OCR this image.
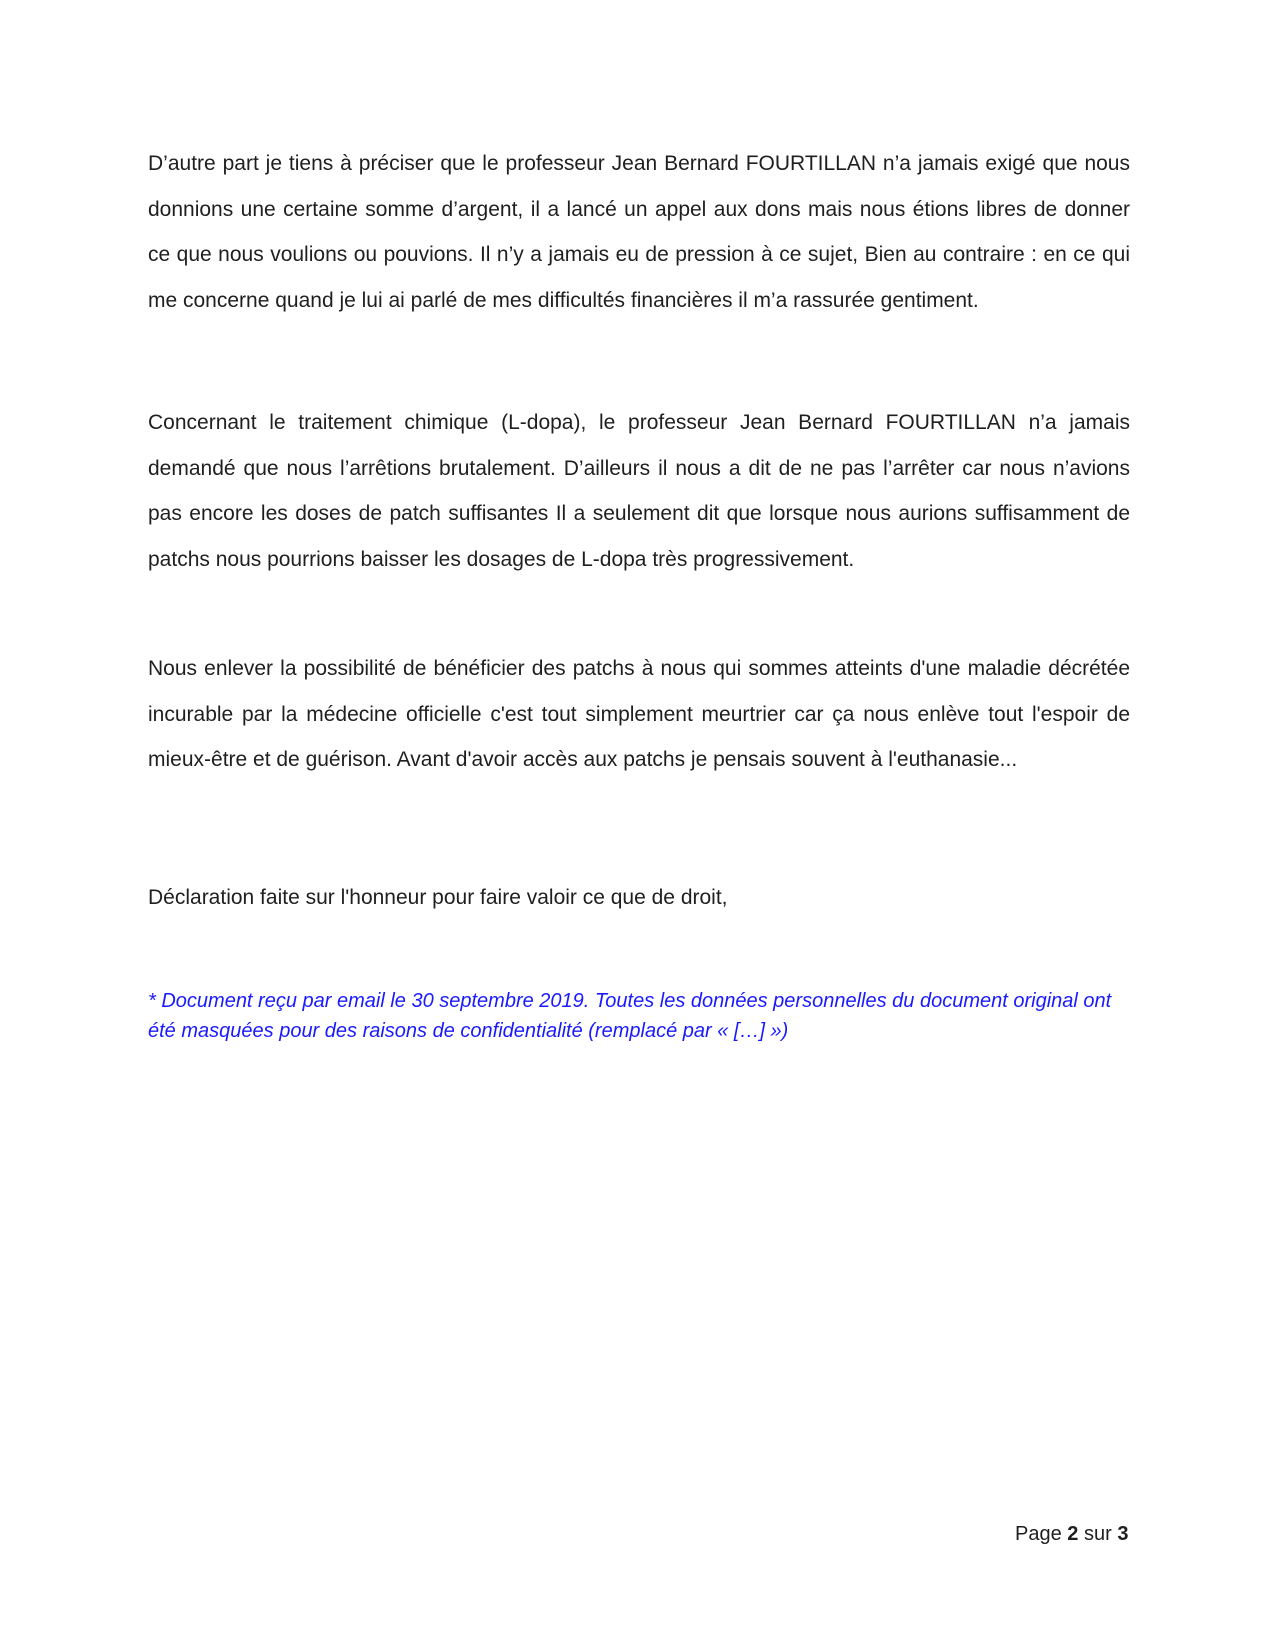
D’autre part je tiens à préciser que le professeur Jean Bernard FOURTILLAN n’a jamais exigé que nous donnions une certaine somme d’argent, il a lancé un appel aux dons mais nous étions libres de donner ce que nous voulions ou pouvions. Il n’y a jamais eu de pression à ce sujet, Bien au contraire : en ce qui me concerne quand je lui ai parlé de mes difficultés financières il m’a rassurée gentiment.

Concernant le traitement chimique (L-dopa), le professeur Jean Bernard FOURTILLAN n’a jamais demandé que nous l’arrêtions brutalement. D’ailleurs il nous a dit de ne pas l’arrêter car nous n’avions pas encore les doses de patch suffisantes Il a seulement dit que lorsque nous aurions suffisamment de patchs nous pourrions baisser les dosages de L-dopa très progressivement.

Nous enlever la possibilité de bénéficier des patchs à nous qui sommes atteints d'une maladie décrétée incurable par la médecine officielle c'est tout simplement meurtrier car ça nous enlève tout l'espoir de mieux-être et de guérison. Avant d'avoir accès aux patchs je pensais souvent à l'euthanasie...

Déclaration faite sur l'honneur pour faire valoir ce que de droit,

* Document reçu par email le 30 septembre 2019. Toutes les données personnelles du document original ont été masquées pour des raisons de confidentialité (remplacé par « […] »)

Page 2 sur 3
